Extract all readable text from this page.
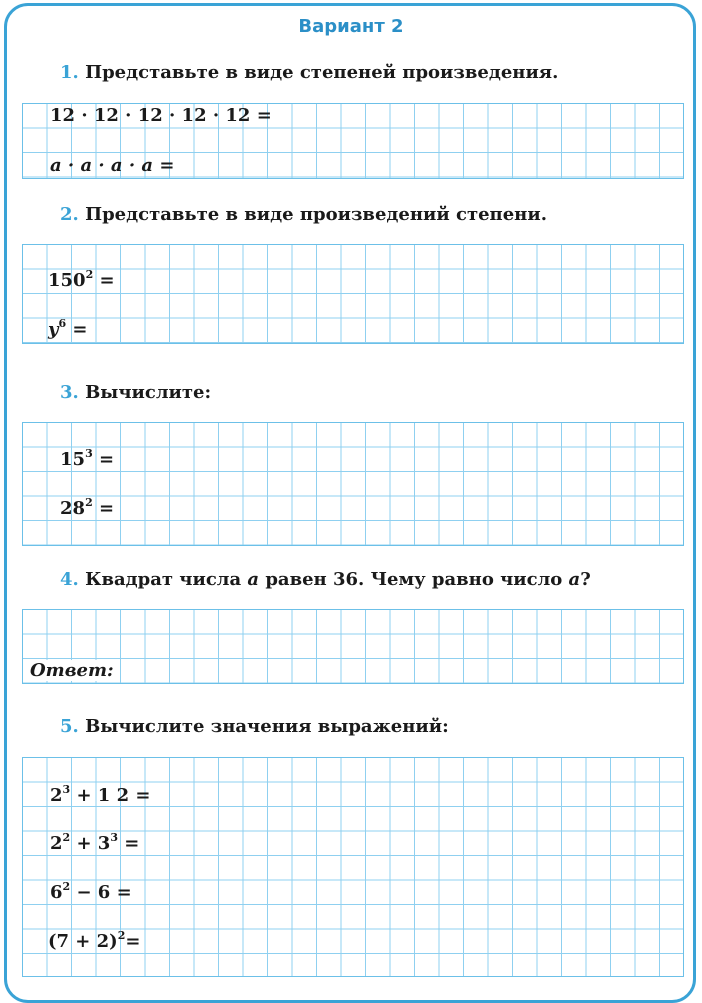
Вариант 2
1. Представьте в виде степеней произведения.
12 · 12 · 12 · 12 · 12 =
a · a · a · a =
2. Представьте в виде произведений степени.
$150^2$ =
$y^6$ =
3. Вычислите:
$15^3$ =
$28^2$ =
4. Квадрат числа a равен 36. Чему равно число a?
Ответ:
5. Вычислите значения выражений:
$2^3 + 1$ 2 =
$2^2 + 3^3$ =
$6^2 - 6$ =
$(7 + 2)^2=$
